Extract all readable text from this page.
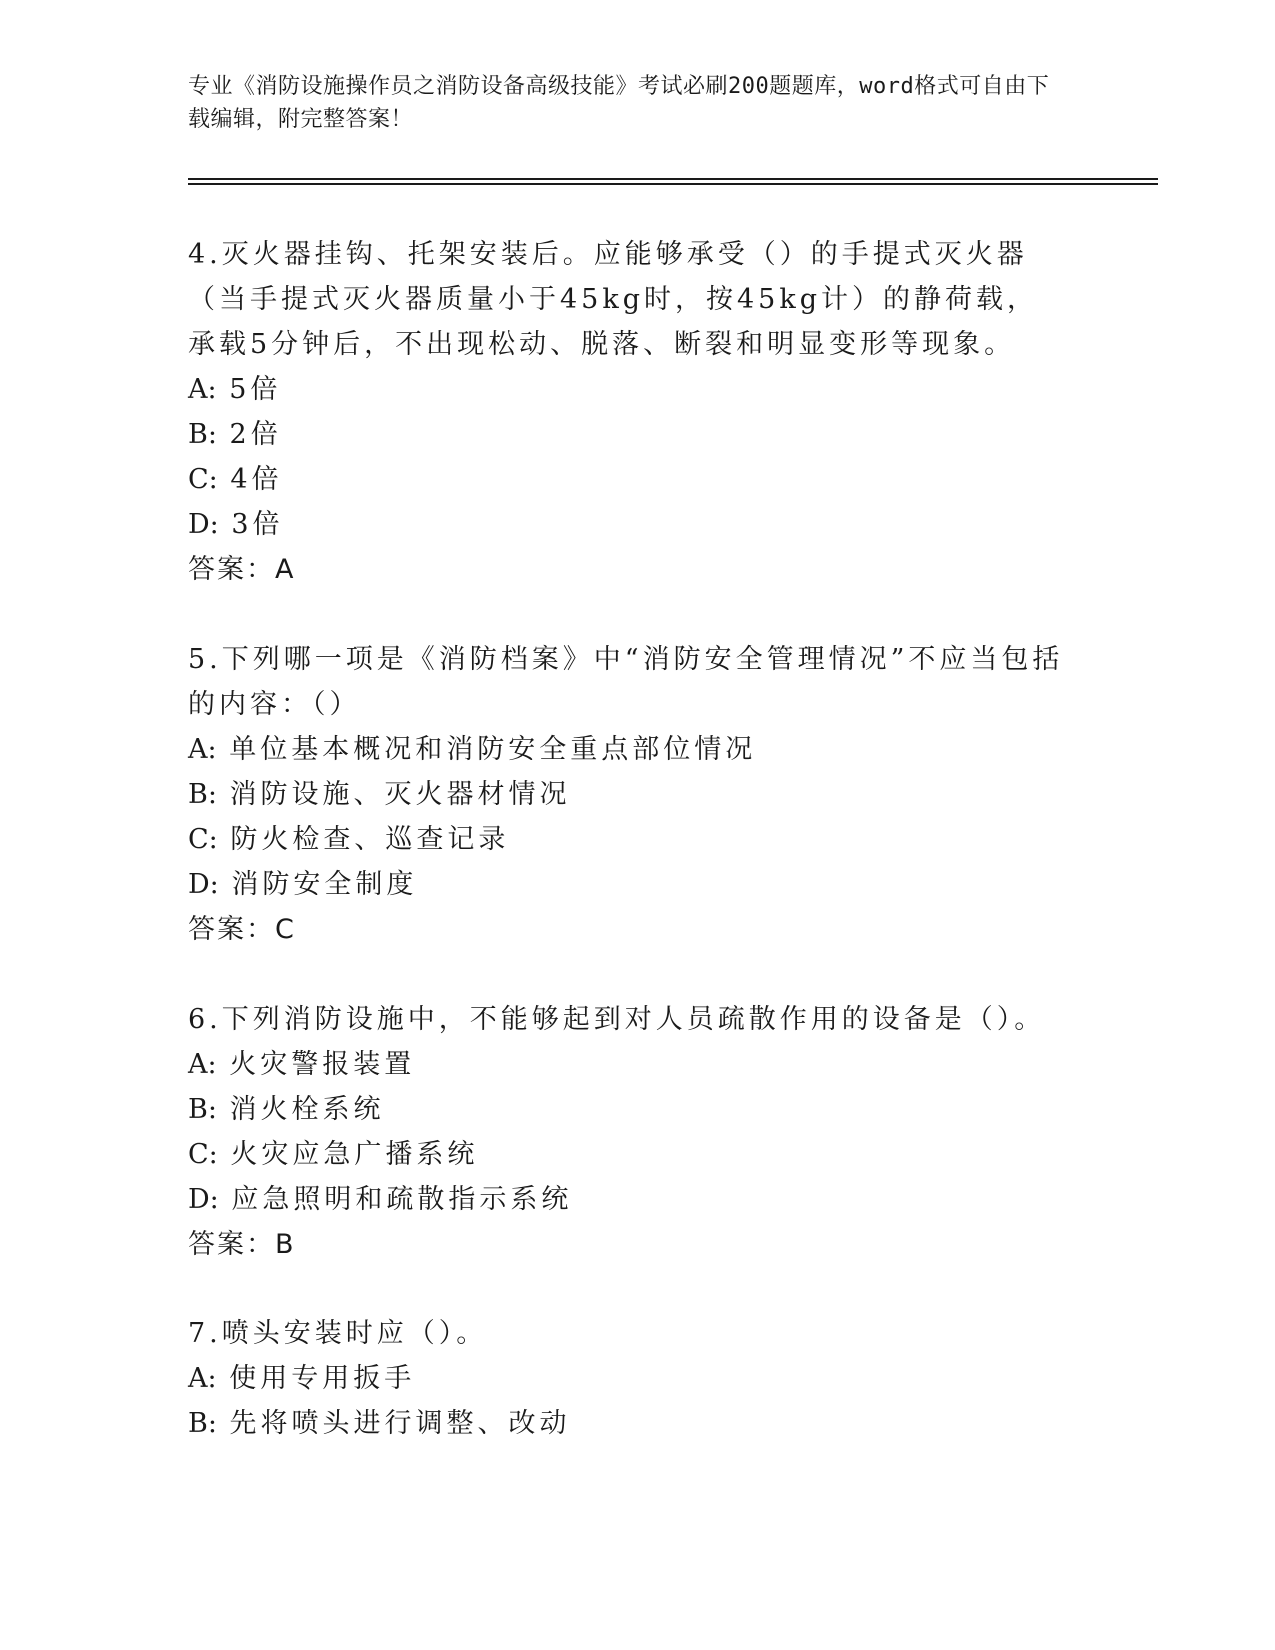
专业《消防设施操作员之消防设备高级技能》考试必刷200题题库，word格式可自由下载编辑，附完整答案！
4.灭火器挂钩、托架安装后。应能够承受（）的手提式灭火器（当手提式灭火器质量小于45kg时，按45kg计）的静荷载，承载5分钟后，不出现松动、脱落、断裂和明显变形等现象。
A: 5倍
B: 2倍
C: 4倍
D: 3倍
答案：A
5.下列哪一项是《消防档案》中“消防安全管理情况”不应当包括的内容：（）
A: 单位基本概况和消防安全重点部位情况
B: 消防设施、灭火器材情况
C: 防火检查、巡查记录
D: 消防安全制度
答案：C
6.下列消防设施中，不能够起到对人员疏散作用的设备是（）。
A: 火灾警报装置
B: 消火栓系统
C: 火灾应急广播系统
D: 应急照明和疏散指示系统
答案：B
7.喷头安装时应（）。
A: 使用专用扳手
B: 先将喷头进行调整、改动
